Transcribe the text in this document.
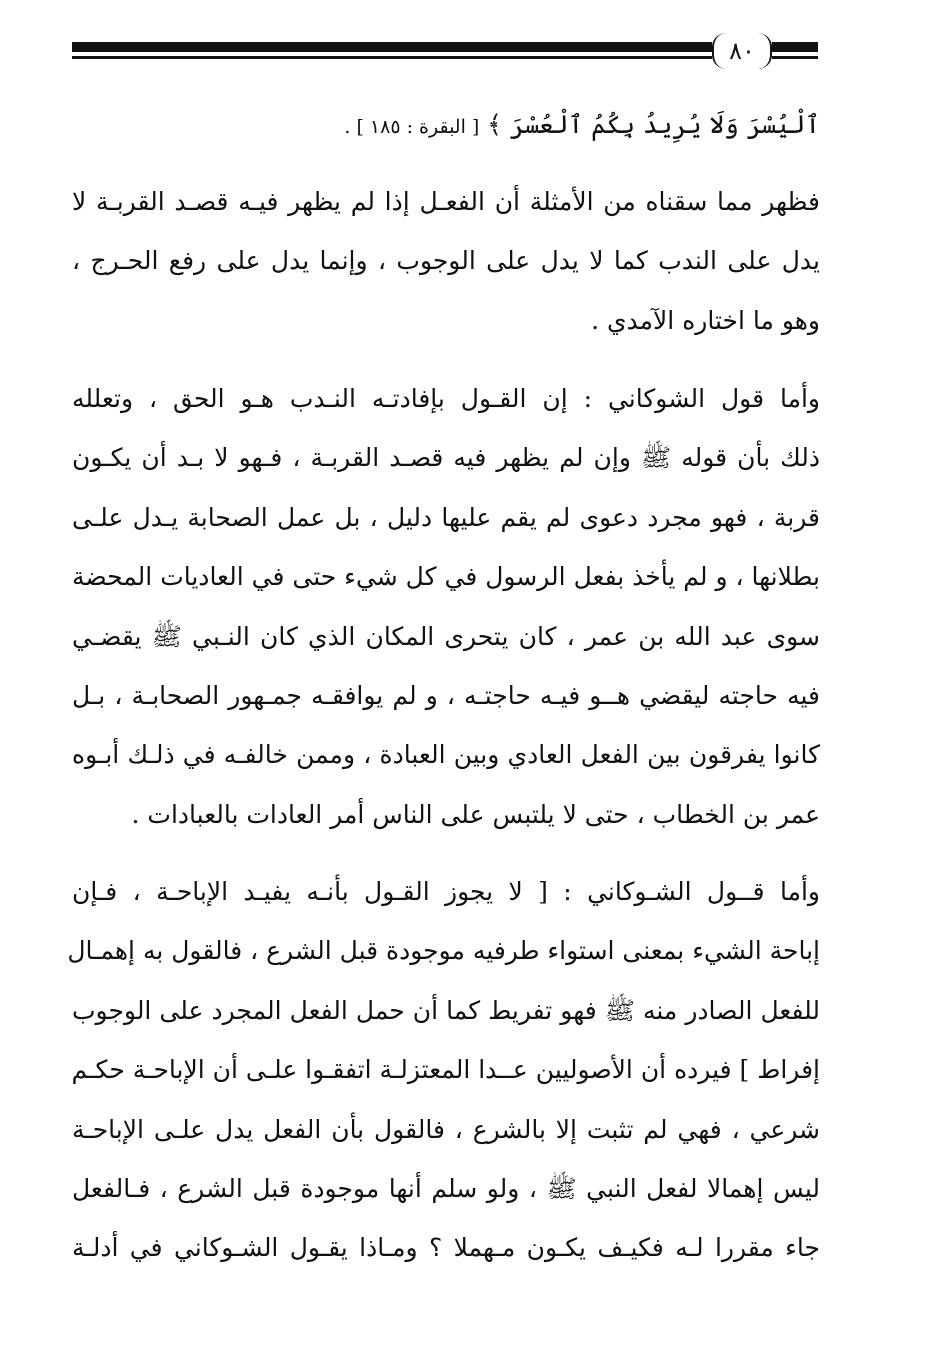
٨٠
ٱلْيُسْرَ وَلَا يُرِيدُ بِكُمُ ٱلْعُسْرَ ﴾ [ البقرة : ١٨٥ ] .
فظهر مما سقناه من الأمثلة أن الفعـل إذا لم يظهر فيـه قصـد القربـة لا
يدل على الندب كما لا يدل على الوجوب ، وإنما يدل على رفع الحـرج ،
وهو ما اختاره الآمدي .
وأما قول الشوكاني : إن القـول بإفادتـه النـدب هـو الحق ، وتعلله
ذلك بأن قوله ﷺ وإن لم يظهر فيه قصـد القربـة ، فـهو لا بـد أن يكـون
قربة ، فهو مجرد دعوى لم يقم عليها دليل ، بل عمل الصحابة يـدل علـى
بطلانها ، و لم يأخذ بفعل الرسول في كل شيء حتى في العاديات المحضة
سوى عبد الله بن عمر ، كان يتحرى المكان الذي كان النـبي ﷺ يقضـي
فيه حاجته ليقضي هــو فيـه حاجتـه ، و لم يوافقـه جمـهور الصحابـة ، بـل
كانوا يفرقون بين الفعل العادي وبين العبادة ، وممن خالفـه في ذلـك أبـوه
عمر بن الخطاب ، حتى لا يلتبس على الناس أمر العادات بالعبادات .
وأما قــول الشـوكاني : [ لا يجوز القـول بأنـه يفيـد الإباحـة ، فـإن
إباحة الشيء بمعنى استواء طرفيه موجودة قبل الشرع ، فالقول به إهمـال
للفعل الصادر منه ﷺ فهو تفريط كما أن حمل الفعل المجرد على الوجوب
إفراط ] فيرده أن الأصوليين عــدا المعتزلـة اتفقـوا علـى أن الإباحـة حكـم
شرعي ، فهي لم تثبت إلا بالشرع ، فالقول بأن الفعل يدل علـى الإباحـة
ليس إهمالا لفعل النبي ﷺ ، ولو سلم أنها موجودة قبل الشرع ، فـالفعل
جاء مقررا لـه فكيـف يكـون مـهملا ؟ ومـاذا يقـول الشـوكاني في أدلـة
